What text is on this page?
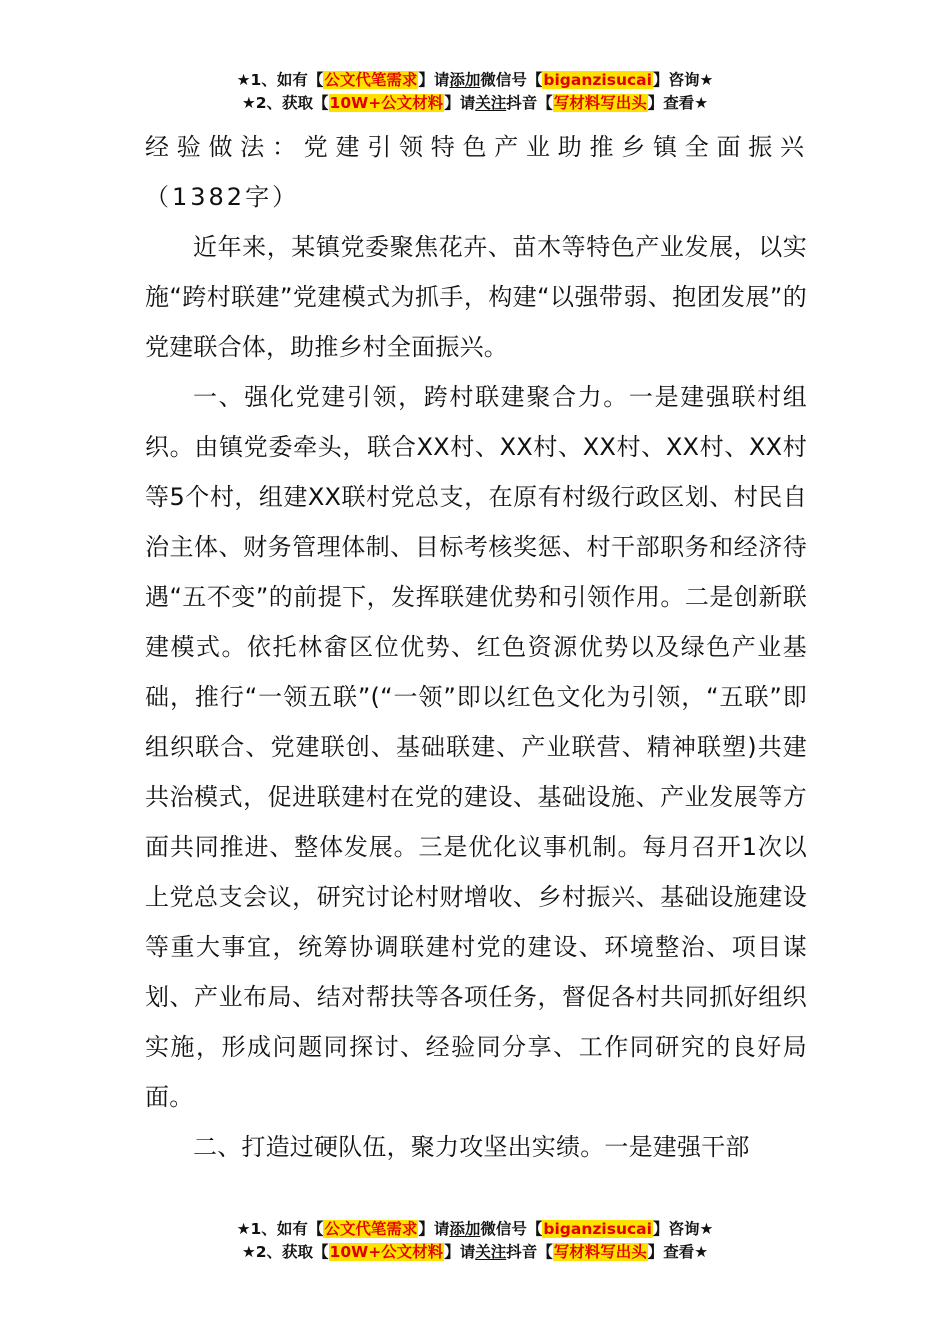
★1、如有【公文代笔需求】请添加微信号【biganzisucai】咨询★
★2、获取【10W+公文材料】请关注抖音【写材料写出头】查看★

经验做法：党建引领特色产业助推乡镇全面振兴（1382字）

近年来，某镇党委聚焦花卉、苗木等特色产业发展，以实施“跨村联建”党建模式为抓手，构建“以强带弱、抱团发展”的党建联合体，助推乡村全面振兴。

一、强化党建引领，跨村联建聚合力。一是建强联村组织。由镇党委牵头，联合XX村、XX村、XX村、XX村、XX村等5个村，组建XX联村党总支，在原有村级行政区划、村民自治主体、财务管理体制、目标考核奖惩、村干部职务和经济待遇“五不变”的前提下，发挥联建优势和引领作用。二是创新联建模式。依托林畲区位优势、红色资源优势以及绿色产业基础，推行“一领五联”(“一领”即以红色文化为引领，“五联”即组织联合、党建联创、基础联建、产业联营、精神联塑)共建共治模式，促进联建村在党的建设、基础设施、产业发展等方面共同推进、整体发展。三是优化议事机制。每月召开1次以上党总支会议，研究讨论村财增收、乡村振兴、基础设施建设等重大事宜，统筹协调联建村党的建设、环境整治、项目谋划、产业布局、结对帮扶等各项任务，督促各村共同抓好组织实施，形成问题同探讨、经验同分享、工作同研究的良好局面。

二、打造过硬队伍，聚力攻坚出实绩。一是建强干部

★1、如有【公文代笔需求】请添加微信号【biganzisucai】咨询★
★2、获取【10W+公文材料】请关注抖音【写材料写出头】查看★
